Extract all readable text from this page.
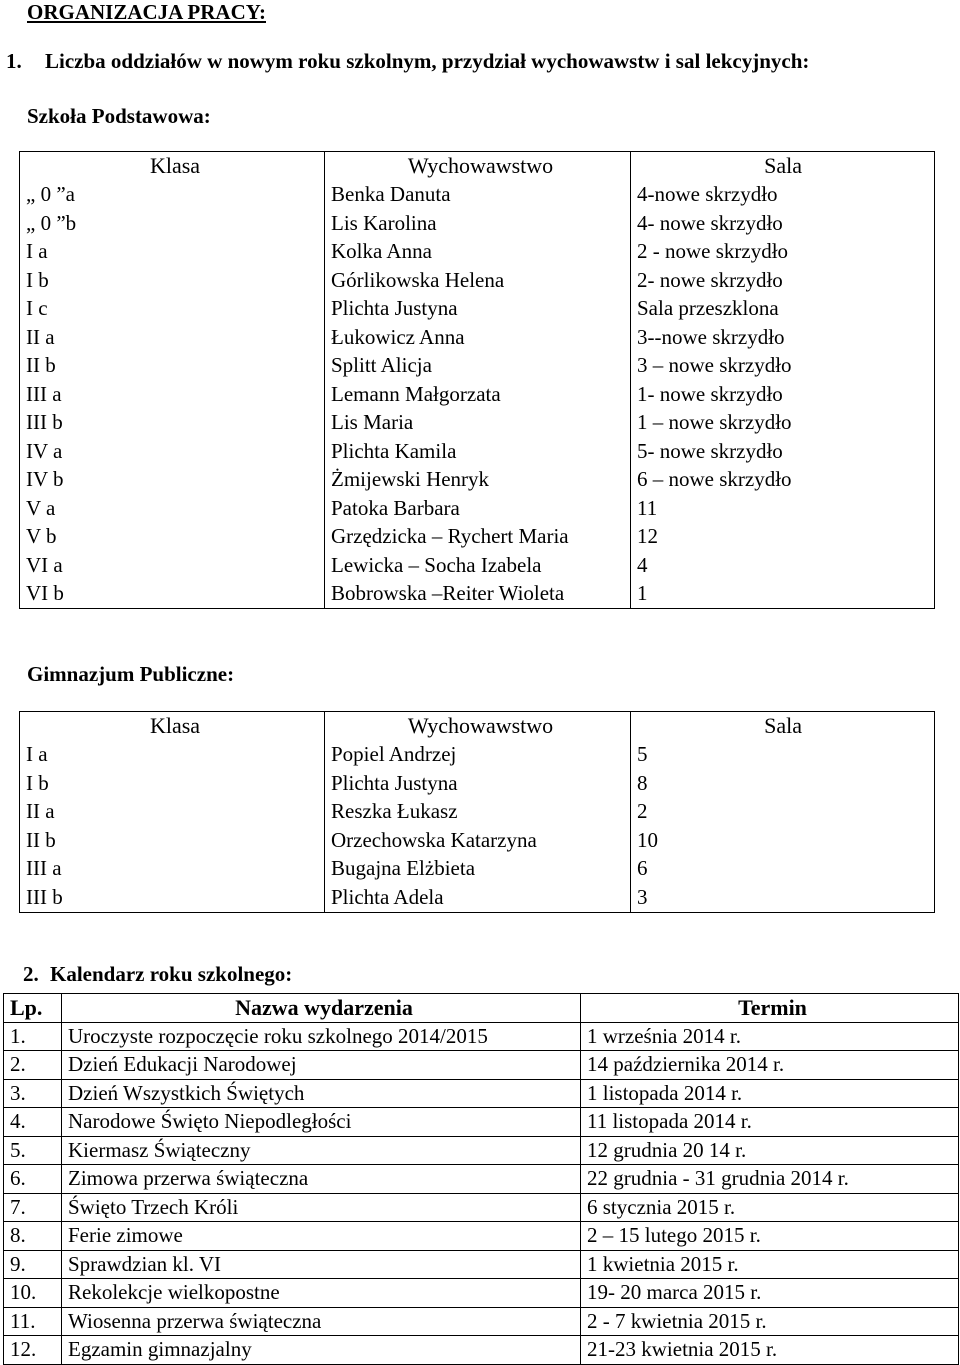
ORGANIZACJA PRACY:
1. Liczba oddziałów w nowym roku szkolnym, przydział wychowawstw i sal lekcyjnych:
Szkoła Podstawowa:
Klasa	Wychowawstwo	Sala
„ 0 ”a	Benka Danuta	4-nowe skrzydło
„ 0 ”b	Lis Karolina	4- nowe skrzydło
I a	Kolka Anna	2 - nowe skrzydło
I b	Górlikowska Helena	2- nowe skrzydło
I c	Plichta Justyna	Sala przeszklona
II a	Łukowicz Anna	3--nowe skrzydło
II b	Splitt Alicja	3 – nowe skrzydło
III a	Lemann Małgorzata	1- nowe skrzydło
III b	Lis Maria	1 – nowe skrzydło
IV a	Plichta Kamila	5- nowe skrzydło
IV b	Żmijewski Henryk	6 – nowe skrzydło
V a	Patoka Barbara	11
V b	Grzędzicka – Rychert Maria	12
VI a	Lewicka – Socha Izabela	4
VI b	Bobrowska –Reiter Wioleta	1
Gimnazjum Publiczne:
Klasa	Wychowawstwo	Sala
I a	Popiel Andrzej	5
I b	Plichta Justyna	8
II a	Reszka Łukasz	2
II b	Orzechowska Katarzyna	10
III a	Bugajna Elżbieta	6
III b	Plichta Adela	3
2. Kalendarz roku szkolnego:
Lp.	Nazwa wydarzenia	Termin
1.	Uroczyste rozpoczęcie roku szkolnego 2014/2015	1 września 2014 r.
2.	Dzień Edukacji Narodowej	14 października 2014 r.
3.	Dzień Wszystkich Świętych	1 listopada 2014 r.
4.	Narodowe Święto Niepodległości	11 listopada 2014 r.
5.	Kiermasz Świąteczny	12 grudnia 20 14 r.
6.	Zimowa przerwa świąteczna	22 grudnia - 31 grudnia 2014 r.
7.	Święto Trzech Króli	6 stycznia 2015 r.
8.	Ferie zimowe	2 – 15 lutego 2015 r.
9.	Sprawdzian kl. VI	1 kwietnia 2015 r.
10.	Rekolekcje wielkopostne	19- 20 marca 2015 r.
11.	Wiosenna przerwa świąteczna	2 - 7 kwietnia 2015 r.
12.	Egzamin gimnazjalny	21-23 kwietnia 2015 r.
